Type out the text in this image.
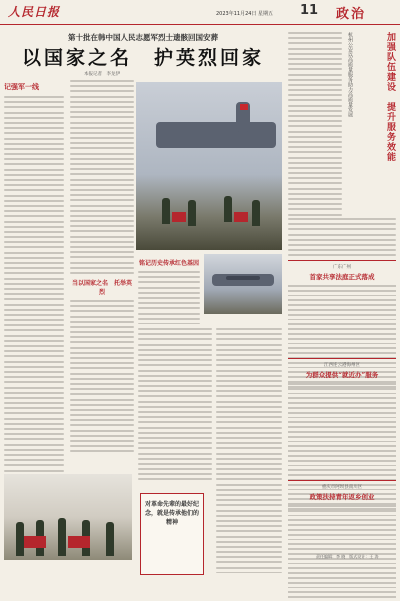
人民日报	2023年11月24日 星期五 11 政治
第十批在韩中国人民志愿军烈士遗骸回国安葬
以国家之名　护英烈回家
本报记者　李龙伊
记强军一线
当以国家之名　托举英烈
铭记历史传承红色基因
对革命先辈的最好纪念，就是传承他们的精神
加强队伍建设　提升服务效能
杭州公安以高质量服务助力高质量发展
广东广州
首家共享法庭正式落成
江西连云港海州区
为群众提供“就近办”服务
重庆市阿坝县南川区
政策扶持青年返乡创业
责任编辑：李 晓　版式设计：王 涛
